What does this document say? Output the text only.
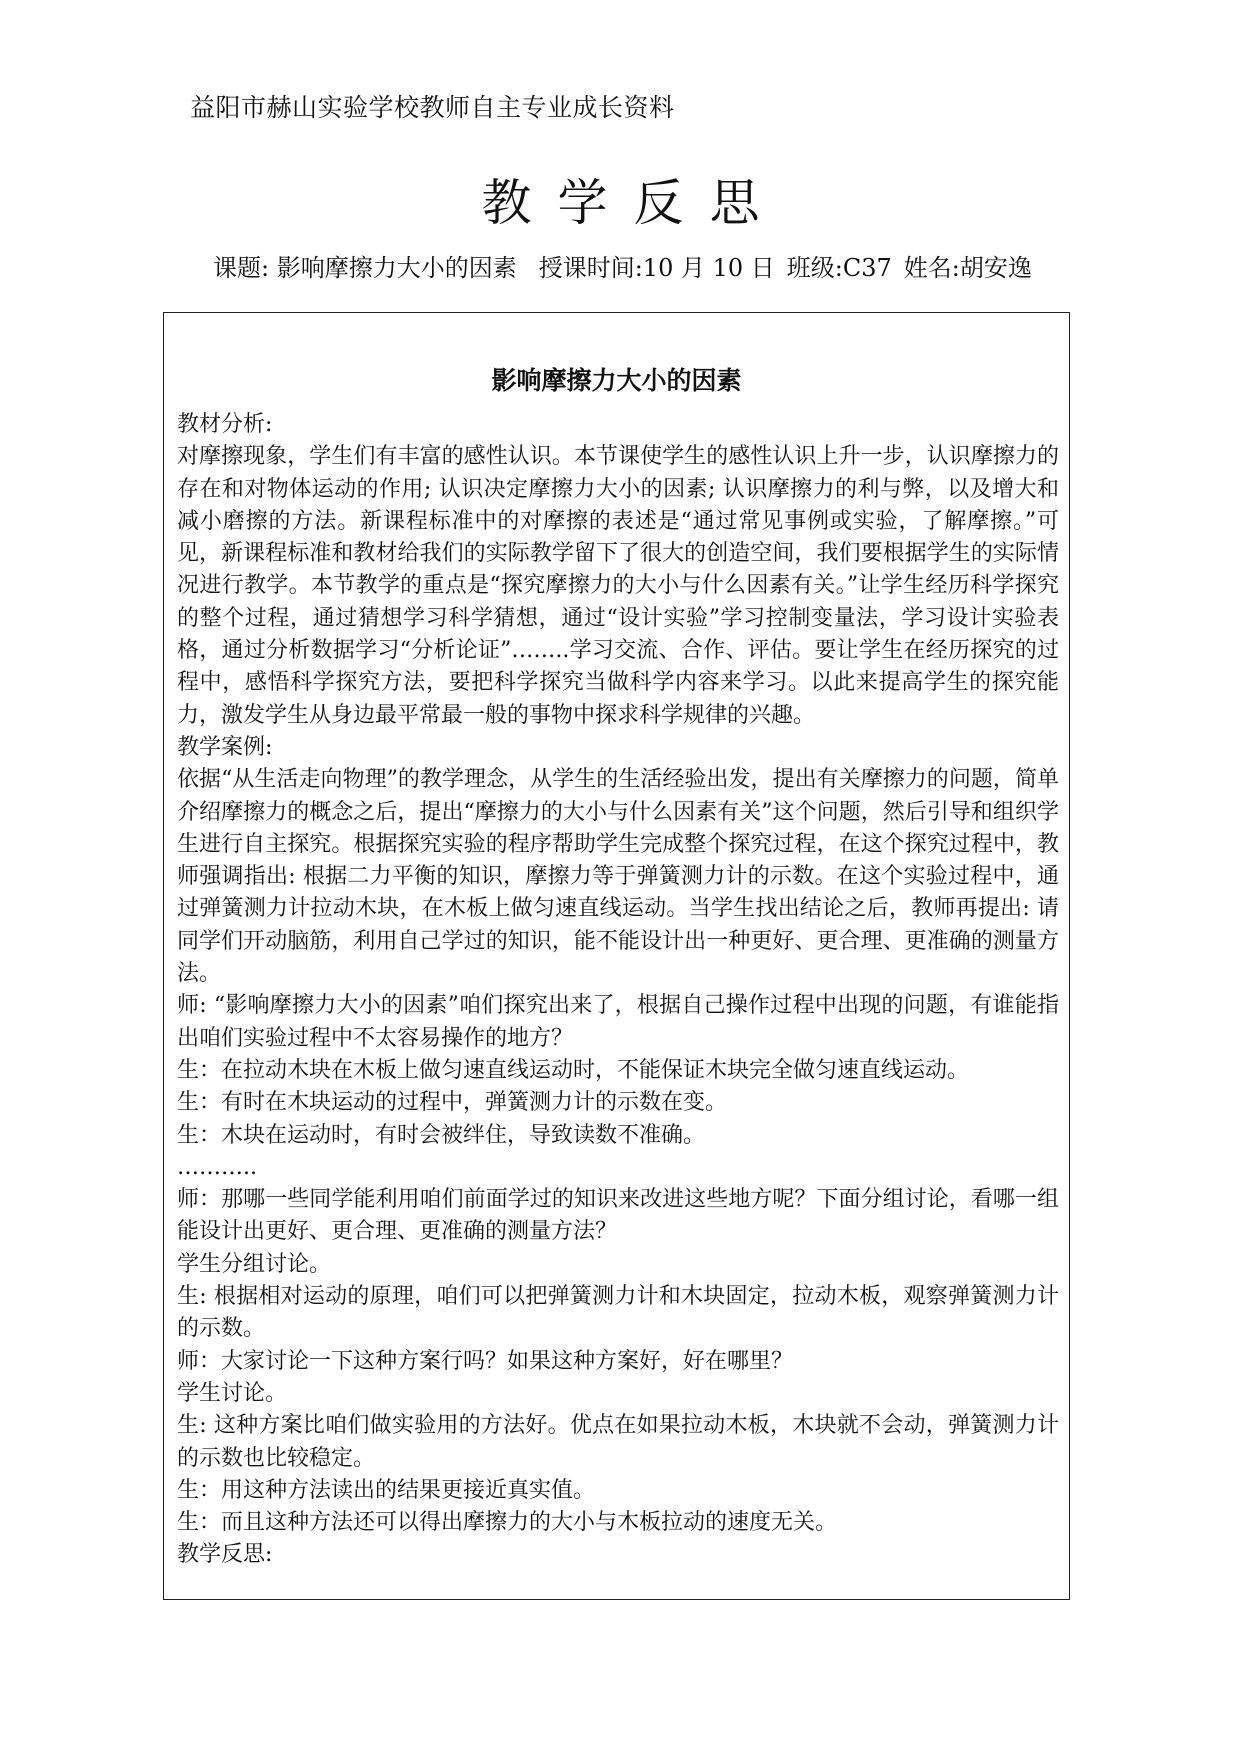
益阳市赫山实验学校教师自主专业成长资料
教学反思
课题: 影响摩擦力大小的因素 授课时间:10 月 10 日 班级:C37 姓名:胡安逸
影响摩擦力大小的因素

教材分析:

对摩擦现象，学生们有丰富的感性认识。本节课使学生的感性认识上升一步，认识摩擦力的存在和对物体运动的作用; 认识决定摩擦力大小的因素; 认识摩擦力的利与弊，以及增大和减小磨擦的方法。新课程标准中的对摩擦的表述是“通过常见事例或实验，了解摩擦。”可见，新课程标准和教材给我们的实际教学留下了很大的创造空间，我们要根据学生的实际情况进行教学。本节教学的重点是“探究摩擦力的大小与什么因素有关。”让学生经历科学探究的整个过程，通过猜想学习科学猜想，通过“设计实验”学习控制变量法，学习设计实验表格，通过分析数据学习“分析论证”……..学习交流、合作、评估。要让学生在经历探究的过程中，感悟科学探究方法，要把科学探究当做科学内容来学习。以此来提高学生的探究能力，激发学生从身边最平常最一般的事物中探求科学规律的兴趣。

教学案例:

依据“从生活走向物理”的教学理念，从学生的生活经验出发，提出有关摩擦力的问题，简单介绍摩擦力的概念之后，提出“摩擦力的大小与什么因素有关”这个问题，然后引导和组织学生进行自主探究。根据探究实验的程序帮助学生完成整个探究过程，在这个探究过程中，教师强调指出: 根据二力平衡的知识，摩擦力等于弹簧测力计的示数。在这个实验过程中，通过弹簧测力计拉动木块，在木板上做匀速直线运动。当学生找出结论之后，教师再提出: 请同学们开动脑筋，利用自己学过的知识，能不能设计出一种更好、更合理、更准确的测量方法。

师: “影响摩擦力大小的因素”咱们探究出来了，根据自己操作过程中出现的问题，有谁能指出咱们实验过程中不太容易操作的地方？

生：在拉动木块在木板上做匀速直线运动时，不能保证木块完全做匀速直线运动。

生：有时在木块运动的过程中，弹簧测力计的示数在变。

生：木块在运动时，有时会被绊住，导致读数不准确。

………..

师：那哪一些同学能利用咱们前面学过的知识来改进这些地方呢？下面分组讨论，看哪一组能设计出更好、更合理、更准确的测量方法？

学生分组讨论。

生: 根据相对运动的原理，咱们可以把弹簧测力计和木块固定，拉动木板，观察弹簧测力计的示数。

师：大家讨论一下这种方案行吗？如果这种方案好，好在哪里？

学生讨论。

生: 这种方案比咱们做实验用的方法好。优点在如果拉动木板，木块就不会动，弹簧测力计的示数也比较稳定。

生：用这种方法读出的结果更接近真实值。

生：而且这种方法还可以得出摩擦力的大小与木板拉动的速度无关。

教学反思:
